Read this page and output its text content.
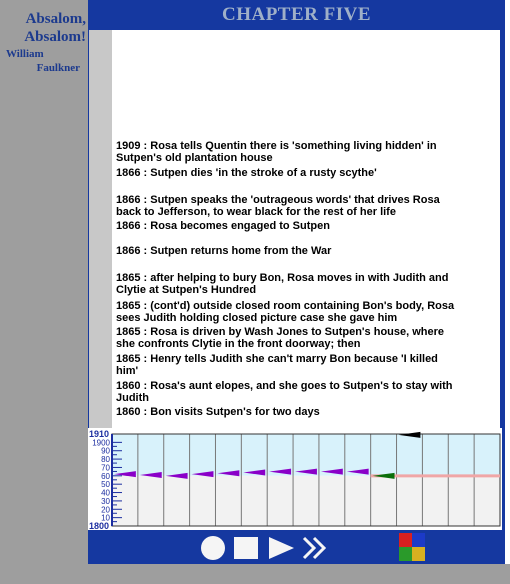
Absalom,
Absalom!
William
Faulkner
CHAPTER FIVE
1909 : Rosa tells Quentin there is 'something living hidden' in Sutpen's old plantation house
1866 : Sutpen dies 'in the stroke of a rusty scythe'
1866 : Sutpen speaks the 'outrageous words' that drives Rosa back to Jefferson, to wear black for the rest of her life
1866 : Rosa becomes engaged to Sutpen
1866 : Sutpen returns home from the War
1865 : after helping to bury Bon, Rosa moves in with Judith and Clytie at Sutpen's Hundred
1865 : (cont'd) outside closed room containing Bon's body, Rosa sees Judith holding closed picture case she gave him
1865 : Rosa is driven by Wash Jones to Sutpen's house, where she confronts Clytie in the front doorway; then
1865 : Henry tells Judith she can't marry Bon because 'I killed him'
1860 : Rosa's aunt elopes, and she goes to Sutpen's to stay with Judith
1860 : Bon visits Sutpen's for two days
1910
1800
1900
90
80
70
60
50
40
30
20
10
